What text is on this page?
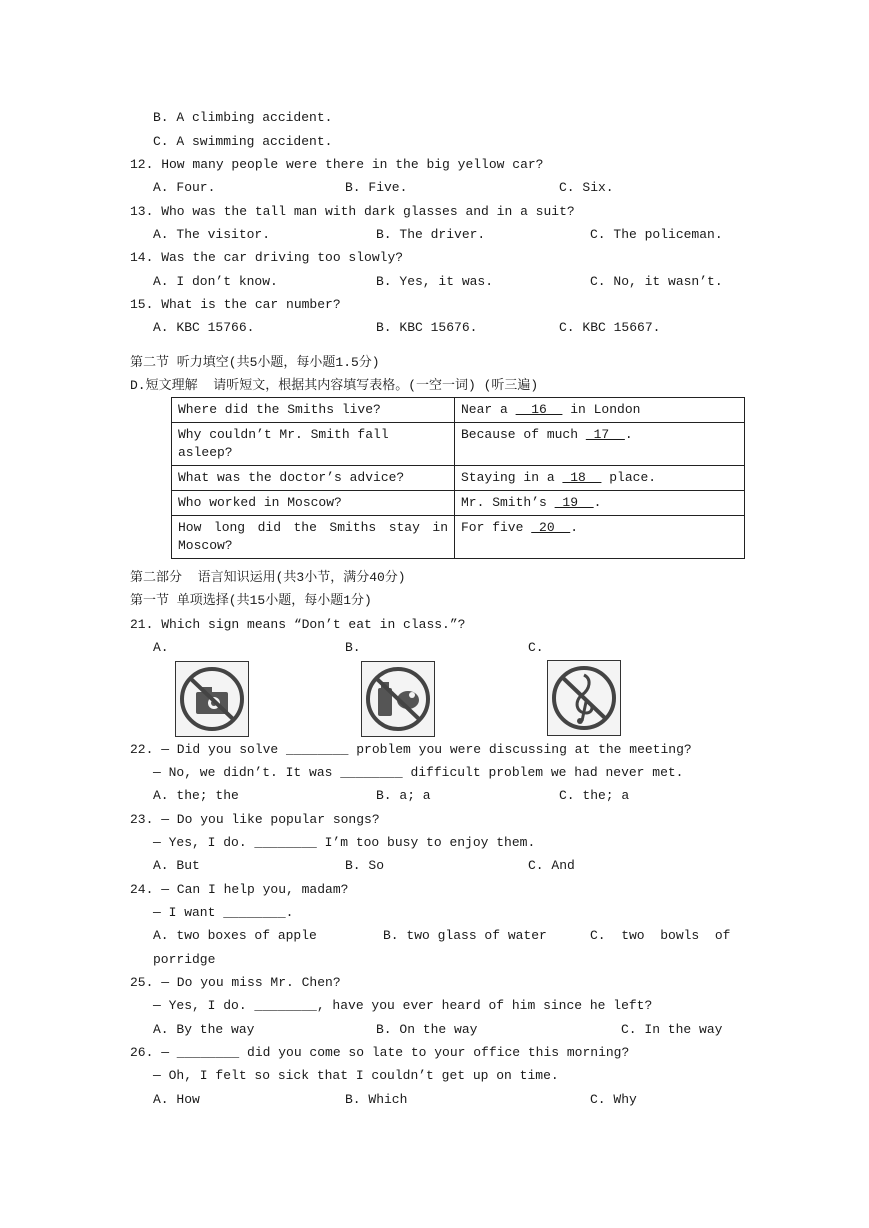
B. A climbing accident.
C. A swimming accident.
12. How many people were there in the big yellow car?
A. Four.	B. Five.	C. Six.
13. Who was the tall man with dark glasses and in a suit?
A. The visitor.	B. The driver.	C. The policeman.
14. Was the car driving too slowly?
A. I don’t know.	B. Yes, it was.	C. No, it wasn’t.
15. What is the car number?
A. KBC 15766.	B. KBC 15676.	C. KBC 15667.
第二节 听力填空(共5小题，每小题1.5分)
D.短文理解  请听短文，根据其内容填写表格。(一空一词) (听三遍)
Where did the Smiths live?	Near a   16   in London
Why couldn’t Mr. Smith fall asleep?	Because of much  17  .
What was the doctor’s advice?	Staying in a  18   place.
Who worked in Moscow?	Mr. Smith’s  19  .
How long did the Smiths stay in Moscow?	For five  20  .
第二部分  语言知识运用(共3小节，满分40分)
第一节 单项选择(共15小题，每小题1分)
21. Which sign means “Don’t eat in class.”?
A.	B.	C.
22. — Did you solve ________ problem you were discussing at the meeting?
— No, we didn’t. It was ________ difficult problem we had never met.
A. the; the	B. a; a	C. the; a
23. — Do you like popular songs?
— Yes, I do. ________ I’m too busy to enjoy them.
A. But	B. So	C. And
24. — Can I help you, madam?
— I want ________.
A. two boxes of apple	B. two glass of water	C.  two  bowls  of
porridge
25. — Do you miss Mr. Chen?
— Yes, I do. ________, have you ever heard of him since he left?
A. By the way	B. On the way	C. In the way
26. — ________ did you come so late to your office this morning?
— Oh, I felt so sick that I couldn’t get up on time.
A. How	B. Which	C. Why
